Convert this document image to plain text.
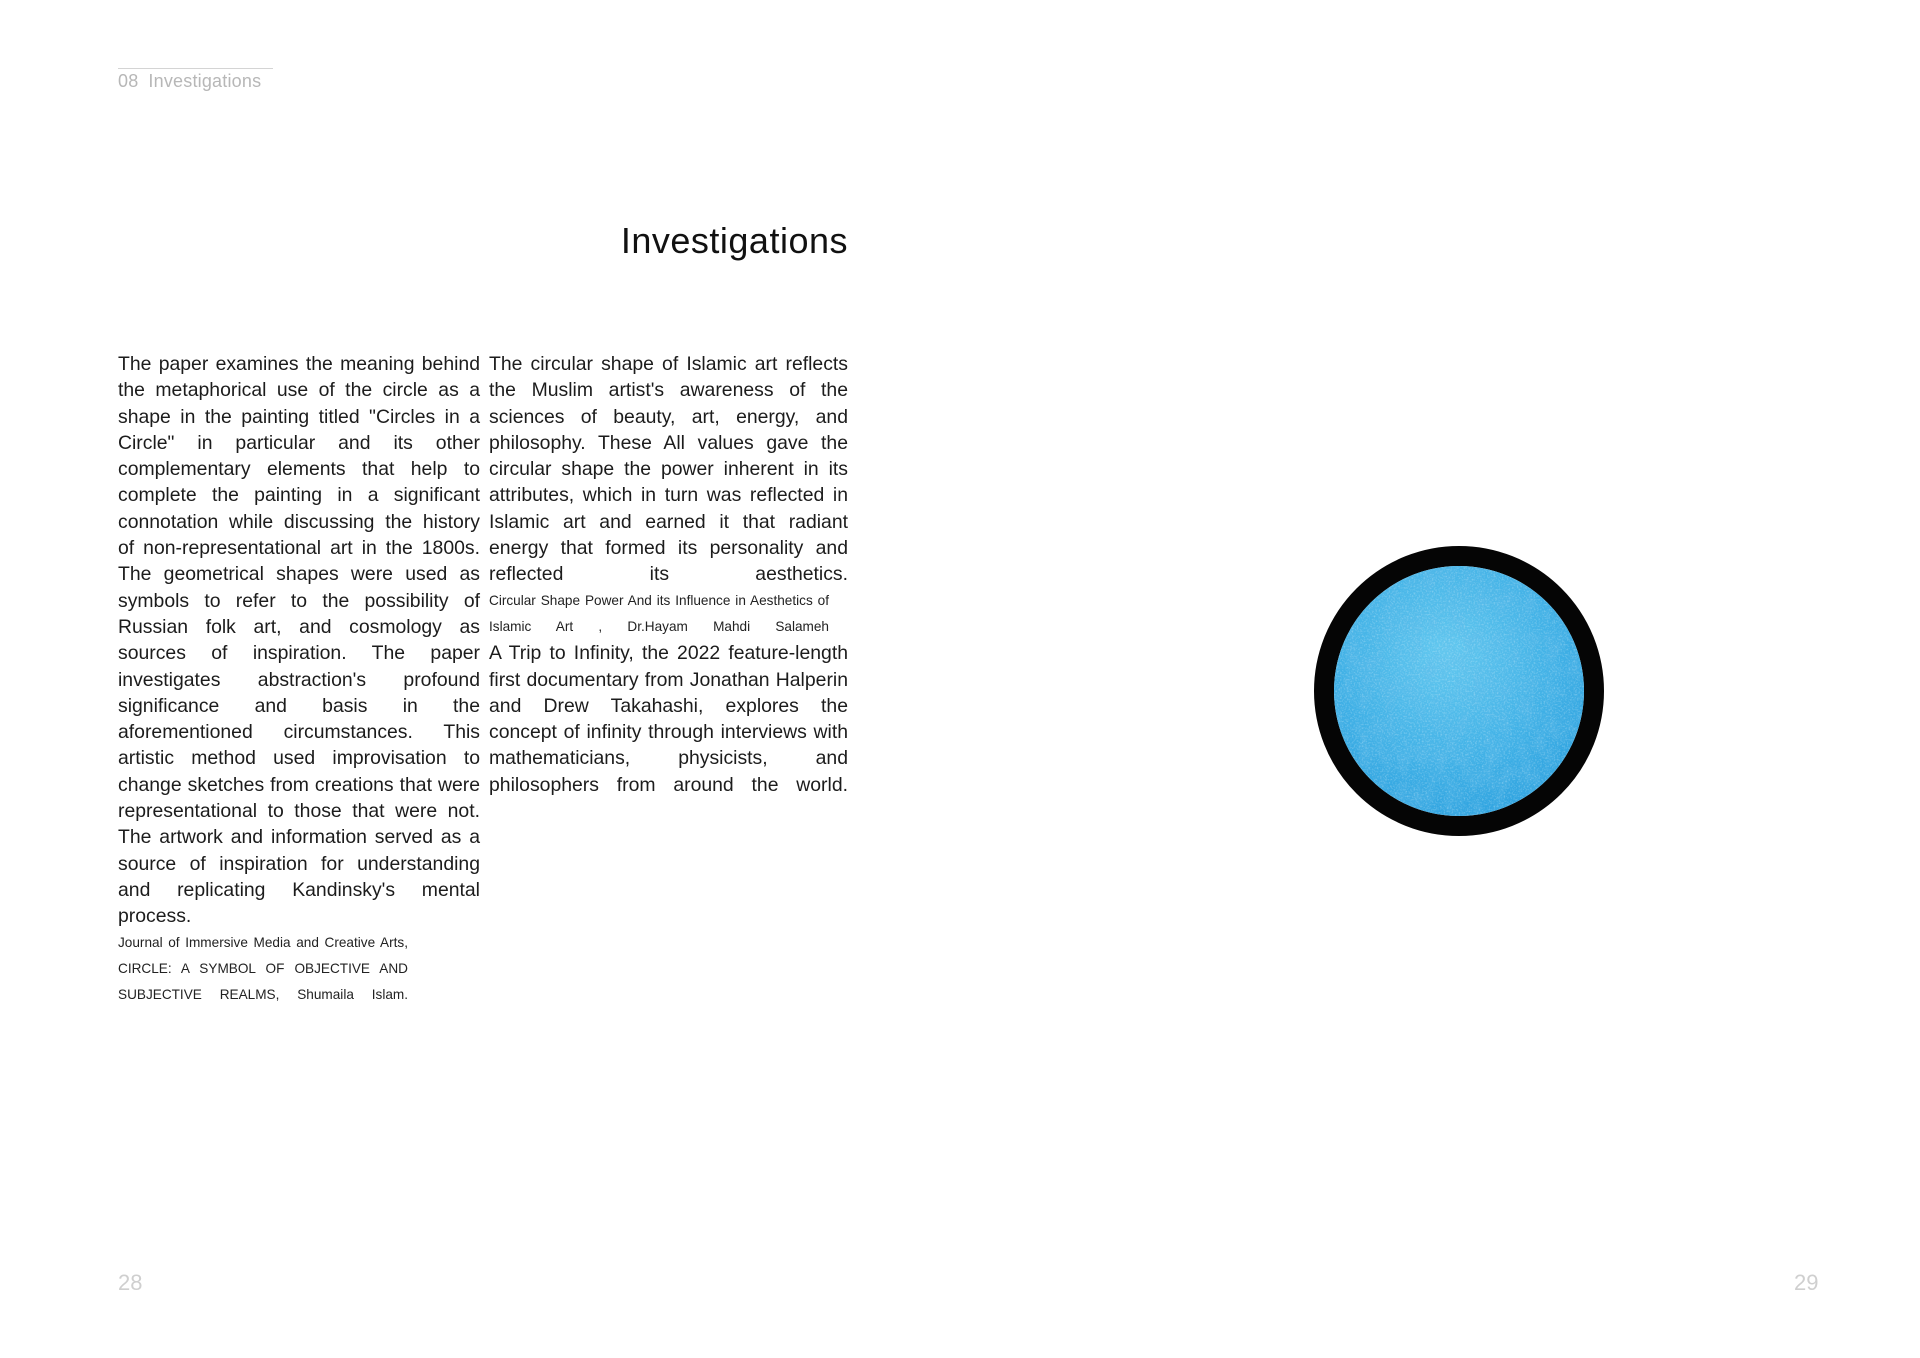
08 Investigations
Investigations

The paper examines the meaning behind the metaphorical use of the circle as a shape in the painting titled "Circles in a Circle" in particular and its other complementary elements that help to complete the painting in a significant connotation while discussing the history of non-representational art in the 1800s. The geometrical shapes were used as symbols to refer to the possibility of Russian folk art, and cosmology as sources of inspiration. The paper investigates abstraction's profound significance and basis in the aforementioned circumstances. This artistic method used improvisation to change sketches from creations that were representational to those that were not. The artwork and information served as a source of inspiration for understanding and replicating Kandinsky's mental process.

Journal of Immersive Media and Creative Arts, CIRCLE: A SYMBOL OF OBJECTIVE AND SUBJECTIVE REALMS, Shumaila Islam.

The circular shape of Islamic art reflects the Muslim artist's awareness of the sciences of beauty, art, energy, and philosophy. These All values gave the circular shape the power inherent in its attributes, which in turn was reflected in Islamic art and earned it that radiant energy that formed its personality and reflected its aesthetics.

Circular Shape Power And its Influence in Aesthetics of Islamic Art , Dr.Hayam Mahdi Salameh

A Trip to Infinity, the 2022 feature-length first documentary from Jonathan Halperin and Drew Takahashi, explores the concept of infinity through interviews with mathematicians, physicists, and philosophers from around the world.

28	29
